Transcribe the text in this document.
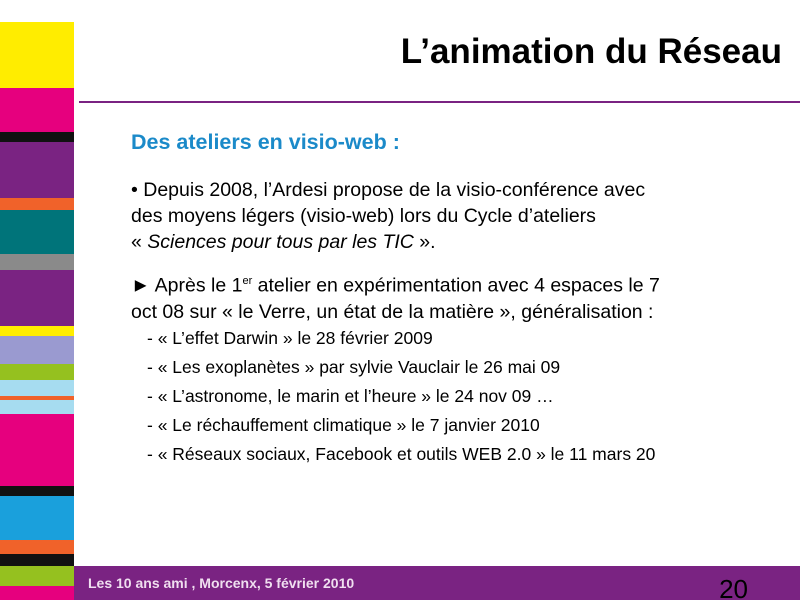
L’animation du Réseau
Des ateliers en visio-web :
• Depuis 2008, l’Ardesi propose de la visio-conférence avec
des moyens légers (visio-web) lors du Cycle d’ateliers
« Sciences pour tous par les TIC ».
► Après le 1er atelier en expérimentation avec 4 espaces le 7
oct 08 sur « le Verre, un état de la matière », généralisation :
- « L’effet Darwin » le 28 février 2009
- « Les exoplanètes » par sylvie Vauclair le 26 mai 09
- « L’astronome, le marin et l’heure » le 24 nov 09 …
- « Le réchauffement climatique » le 7 janvier 2010
- « Réseaux sociaux, Facebook et outils WEB 2.0 » le 11 mars 20
Les 10 ans ami , Morcenx, 5 février 2010	20
